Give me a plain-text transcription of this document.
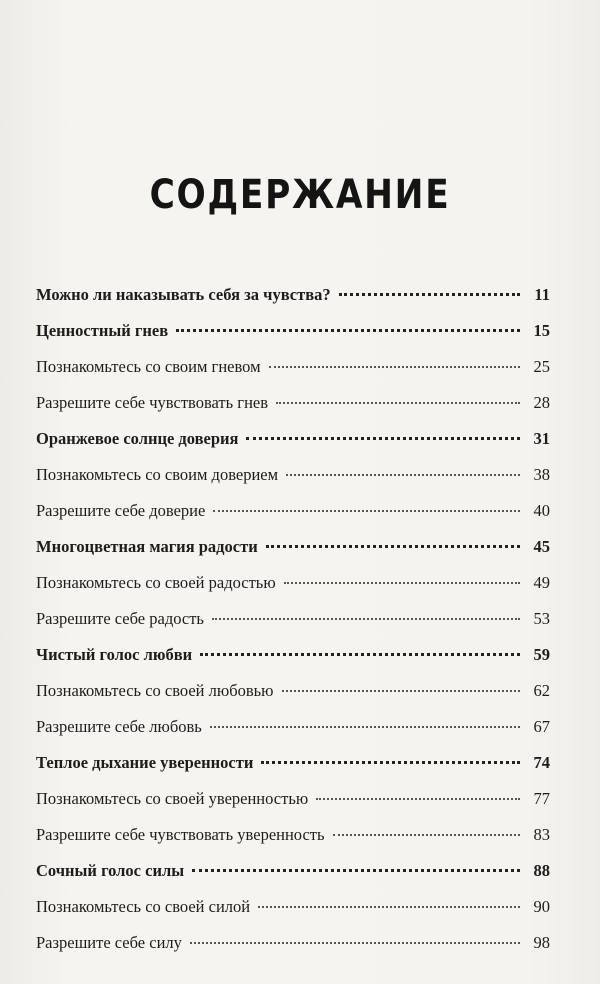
СОДЕРЖАНИЕ
Можно ли наказывать себя за чувства?	11
Ценностный гнев	15
Познакомьтесь со своим гневом	25
Разрешите себе чувствовать гнев	28
Оранжевое солнце доверия	31
Познакомьтесь со своим доверием	38
Разрешите себе доверие	40
Многоцветная магия радости	45
Познакомьтесь со своей радостью	49
Разрешите себе радость	53
Чистый голос любви	59
Познакомьтесь со своей любовью	62
Разрешите себе любовь	67
Теплое дыхание уверенности	74
Познакомьтесь со своей уверенностью	77
Разрешите себе чувствовать уверенность	83
Сочный голос силы	88
Познакомьтесь со своей силой	90
Разрешите себе силу	98
